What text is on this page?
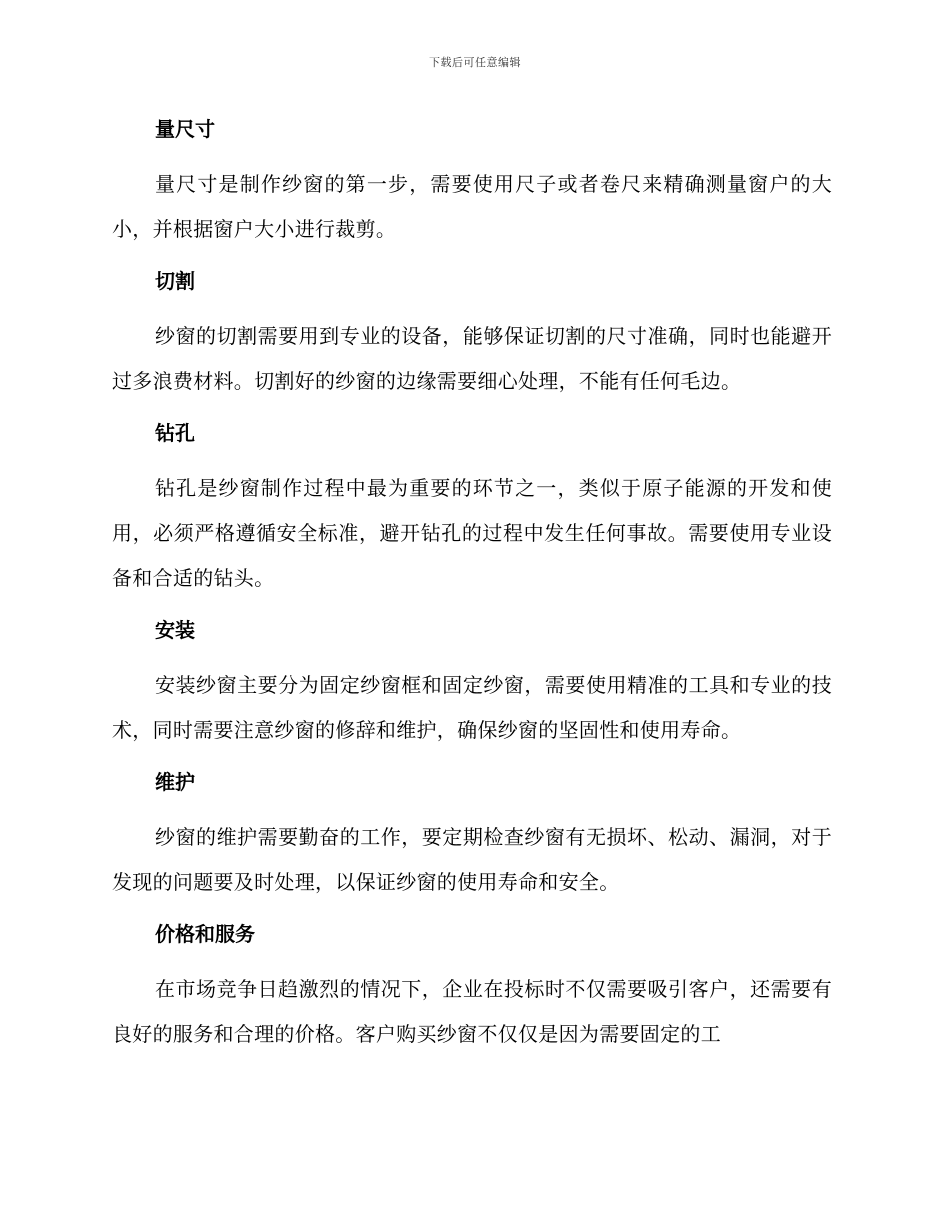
下载后可任意编辑
量尺寸

量尺寸是制作纱窗的第一步，需要使用尺子或者卷尺来精确测量窗户的大小，并根据窗户大小进行裁剪。

切割

纱窗的切割需要用到专业的设备，能够保证切割的尺寸准确，同时也能避开过多浪费材料。切割好的纱窗的边缘需要细心处理，不能有任何毛边。

钻孔

钻孔是纱窗制作过程中最为重要的环节之一，类似于原子能源的开发和使用，必须严格遵循安全标准，避开钻孔的过程中发生任何事故。需要使用专业设备和合适的钻头。

安装

安装纱窗主要分为固定纱窗框和固定纱窗，需要使用精准的工具和专业的技术，同时需要注意纱窗的修辞和维护，确保纱窗的坚固性和使用寿命。

维护

纱窗的维护需要勤奋的工作，要定期检查纱窗有无损坏、松动、漏洞，对于发现的问题要及时处理，以保证纱窗的使用寿命和安全。

价格和服务

在市场竞争日趋激烈的情况下，企业在投标时不仅需要吸引客户，还需要有良好的服务和合理的价格。客户购买纱窗不仅仅是因为需要固定的工
